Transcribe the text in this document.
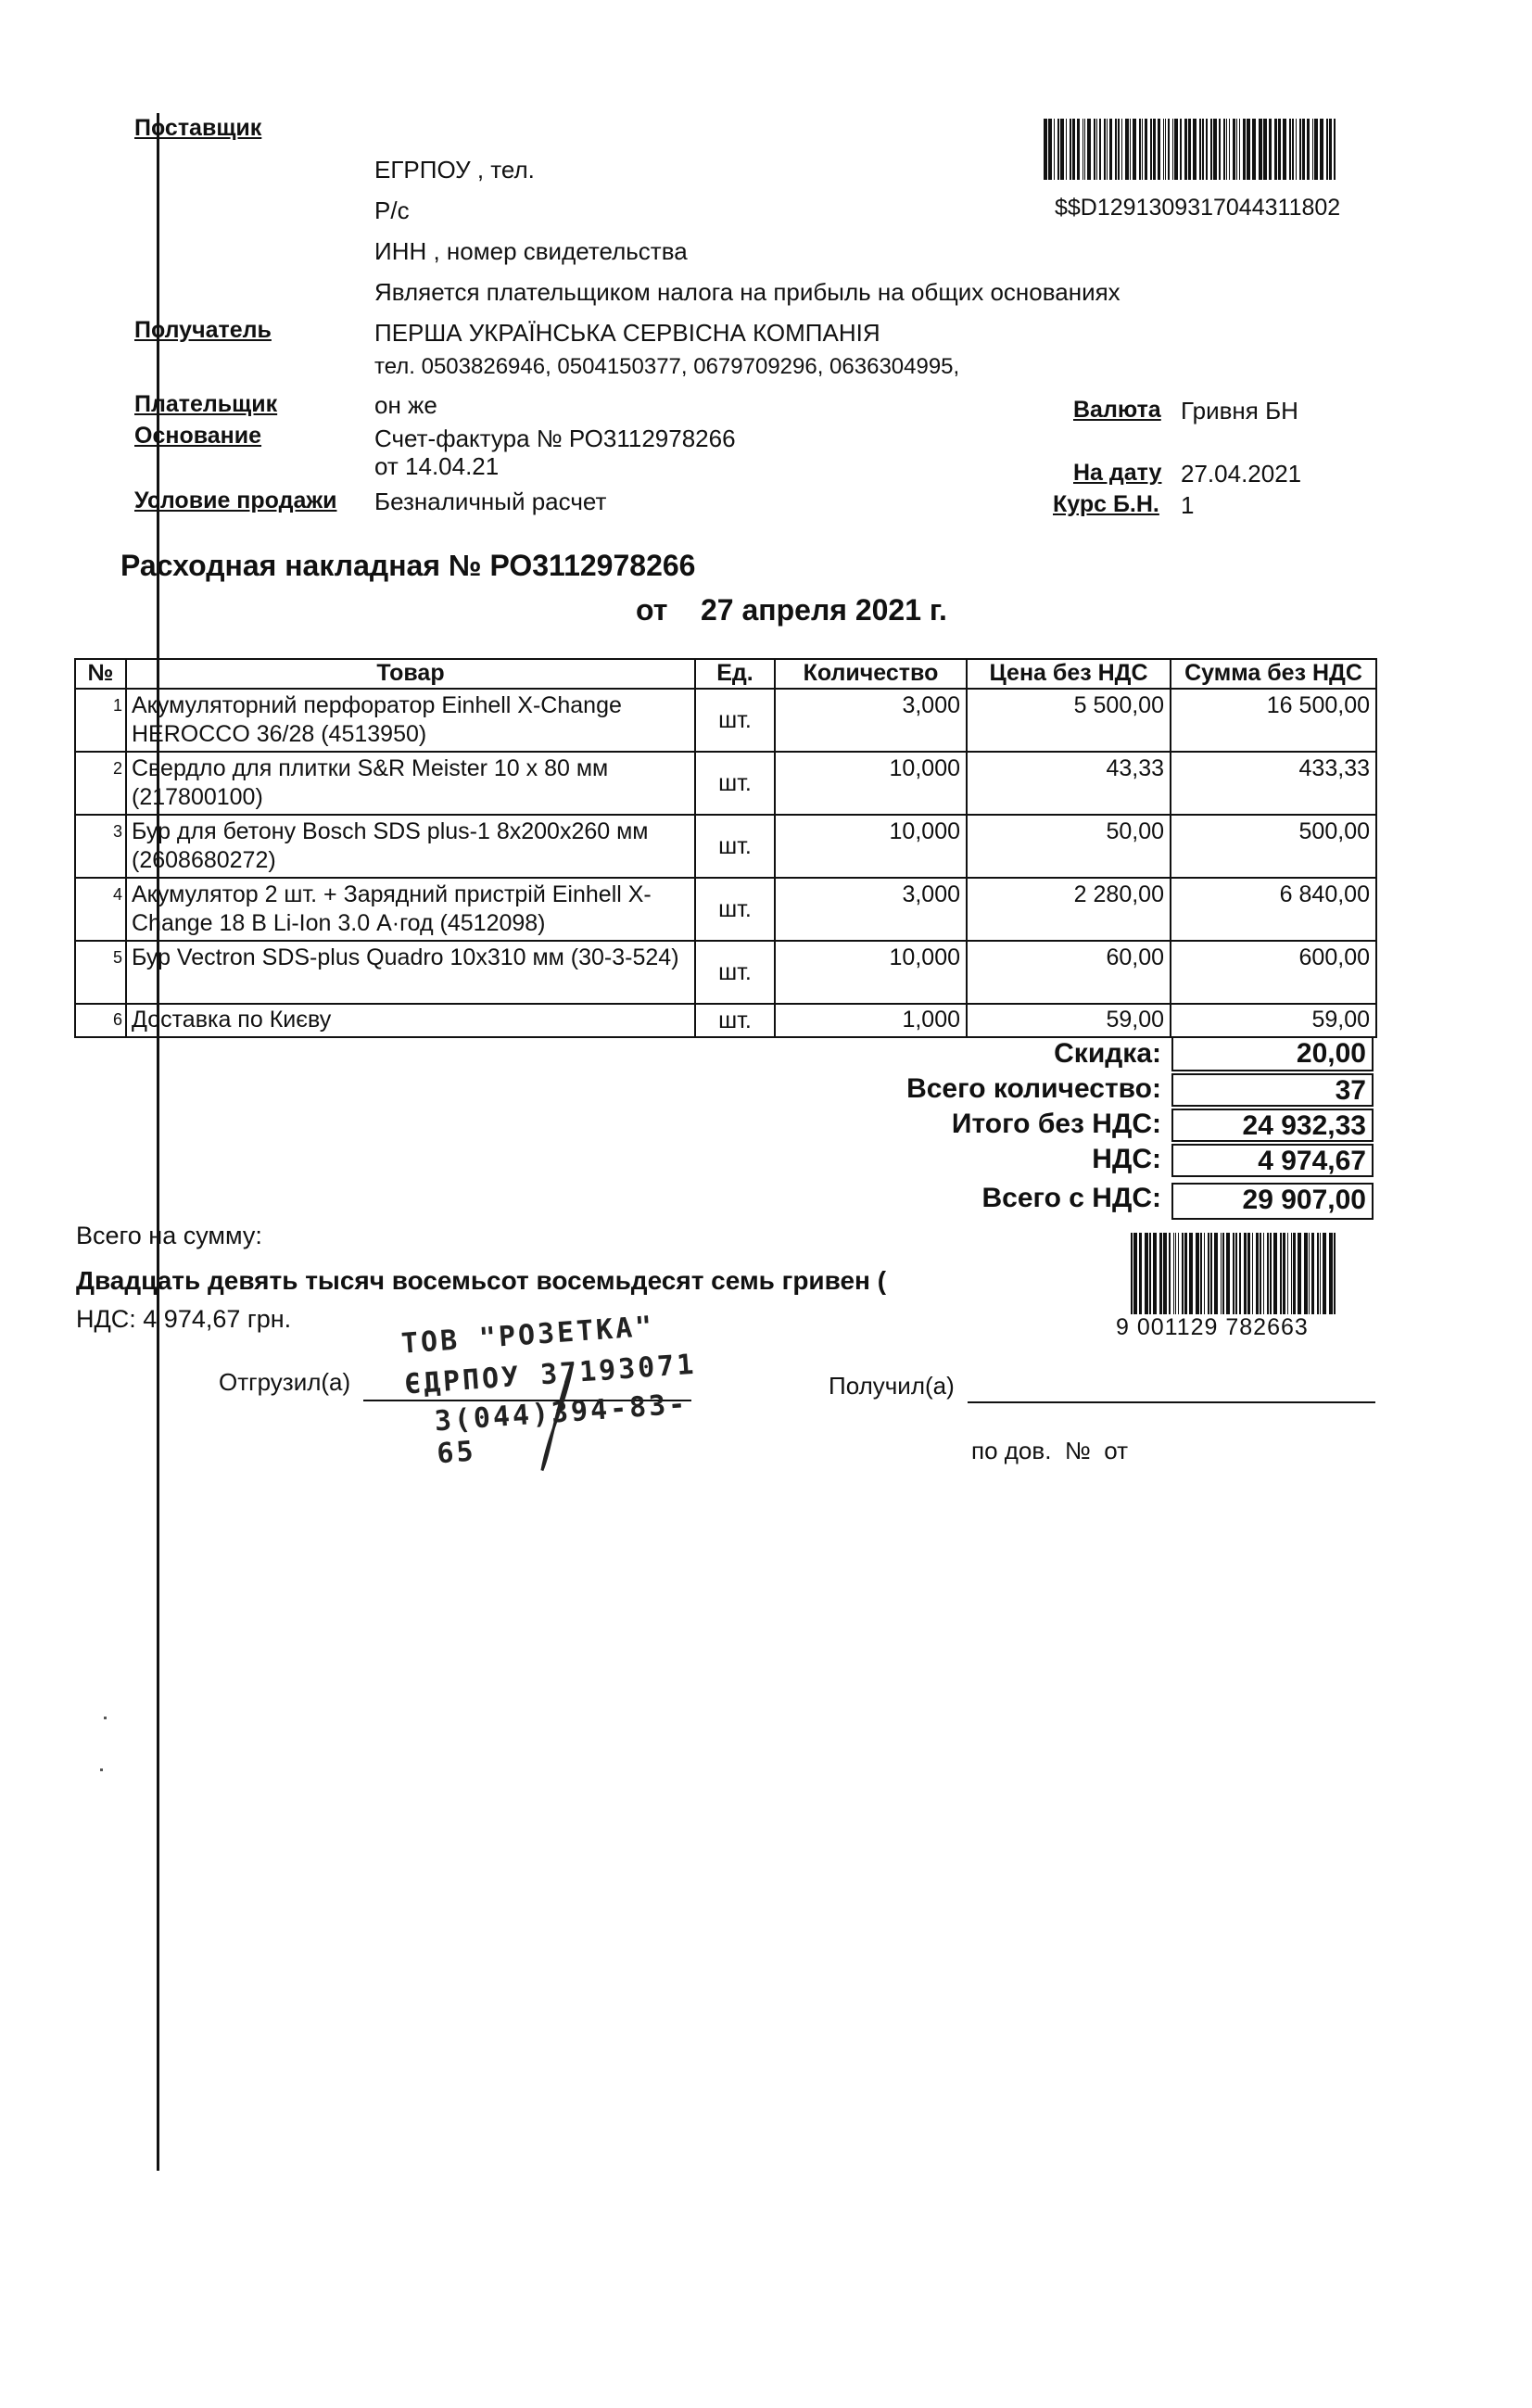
Поставщик
ЕГРПОУ , тел.
Р/с
ИНН , номер свидетельства
Является плательщиком налога на прибыль на общих основаниях
$$D1291309317044311802
Получатель	ПЕРША УКРАЇНСЬКА СЕРВІСНА КОМПАНІЯ
тел. 0503826946, 0504150377, 0679709296, 0636304995,
Плательщик	он же
Основание	Счет-фактура № РО3112978266
от 14.04.21
Условие продажи Безналичный расчет
Валюта Гривня БН
На дату 27.04.2021
Курс Б.Н. 1
Расходная накладная № РО3112978266
от    27 апреля 2021 г.
№	Товар	Ед.	Количество	Цена без НДС	Сумма без НДС
1	Акумуляторний перфоратор Einhell X-Change HEROCCO 36/28 (4513950)	шт.	3,000	5 500,00	16 500,00
2	Свердло для плитки S&R Meister 10 х 80 мм (217800100)	шт.	10,000	43,33	433,33
3	Бур для бетону Bosch SDS plus-1 8x200x260 мм (2608680272)	шт.	10,000	50,00	500,00
4	Акумулятор 2 шт. + Зарядний пристрій Einhell X-Change 18 В Li-Ion 3.0 А·год (4512098)	шт.	3,000	2 280,00	6 840,00
5	Бур Vectron SDS-plus Quadro 10x310 мм (30-3-524)	шт.	10,000	60,00	600,00
6	Доставка по Києву	шт.	1,000	59,00	59,00
Скидка:	20,00
Всего количество:	37
Итого без НДС:	24 932,33
НДС:	4 974,67
Всего с НДС:	29 907,00
Всего на сумму:
Двадцать девять тысяч восемьсот восемьдесят семь гривен (
НДС: 4 974,67 грн.	9 001129 782663
Отгрузил(а)	Получил(а)
по дов.  №  от
ТОВ "РОЗЕТКА"
ЄДРПОУ 37193071
3(044)394-83-65
